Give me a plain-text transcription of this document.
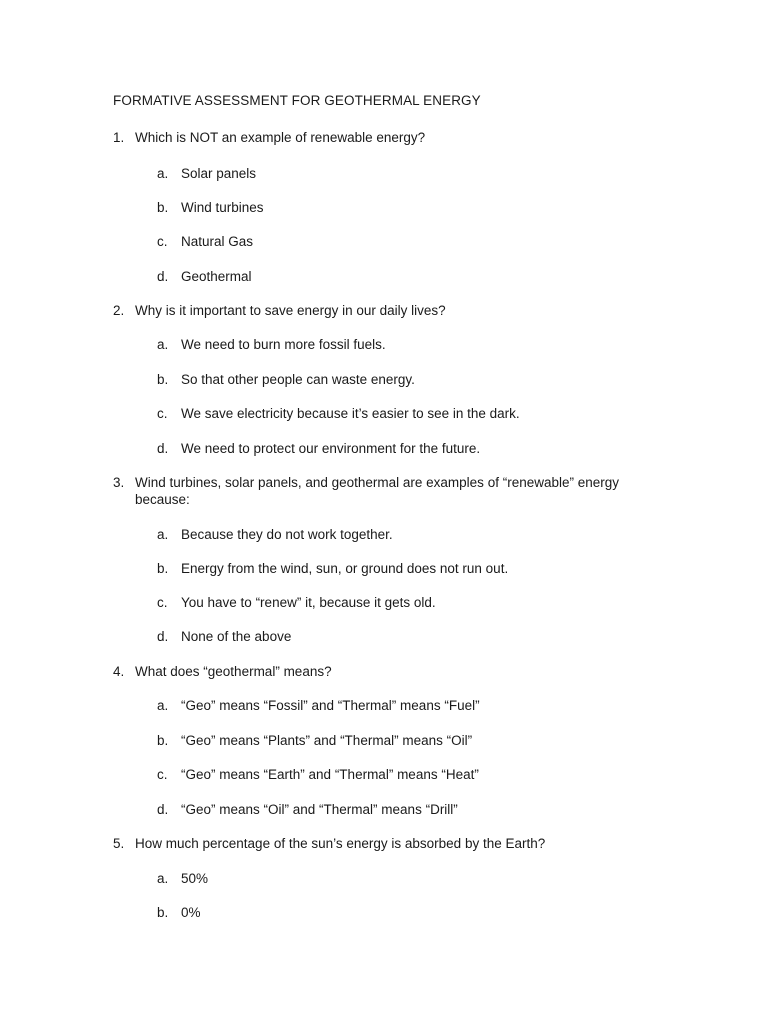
FORMATIVE ASSESSMENT FOR GEOTHERMAL ENERGY
1. Which is NOT an example of renewable energy?
a. Solar panels
b. Wind turbines
c. Natural Gas
d. Geothermal
2. Why is it important to save energy in our daily lives?
a. We need to burn more fossil fuels.
b. So that other people can waste energy.
c. We save electricity because it’s easier to see in the dark.
d. We need to protect our environment for the future.
3. Wind turbines, solar panels, and geothermal are examples of “renewable” energy because:
a. Because they do not work together.
b. Energy from the wind, sun, or ground does not run out.
c. You have to “renew” it, because it gets old.
d. None of the above
4. What does “geothermal” means?
a. “Geo” means “Fossil” and “Thermal” means “Fuel”
b. “Geo” means “Plants” and “Thermal” means “Oil”
c. “Geo” means “Earth” and “Thermal” means “Heat”
d. “Geo” means “Oil” and “Thermal” means “Drill”
5. How much percentage of the sun’s energy is absorbed by the Earth?
a. 50%
b. 0%
